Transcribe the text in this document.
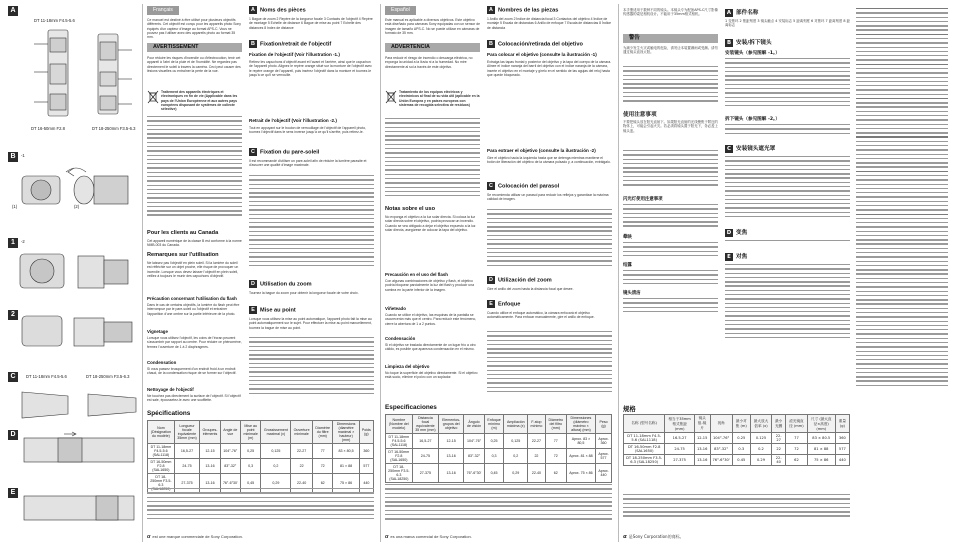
A
DT 11-18mm F4.5-5.6
DT 16-50mm F2.8	DT 18-250mm F3.5-6.3
B	-1
(1)	(2)
1	-2
2
C	DT 11-18mm F4.5-5.6	DT 18-250mm F3.5-6.3
D
E
Français
Ce manuel est destiné à être utilisé pour plusieurs objectifs différents. Cet objectif est conçu pour les appareils photo Sony équipés d'un capteur d'image au format APS-C. Vous ne pouvez pas l'utiliser avec des appareils photo au format 35 mm.
AVERTISSEMENT
Pour réduire les risques d'incendie ou d'électrocution, tenir cet appareil à l'abri de la pluie et de l'humidité. Ne regardez pas directement le soleil à travers la caméra. Ceci peut causer des lésions visuelles ou entraîner la perte de la vue.
Traitement des appareils électriques et électroniques en fin de vie (Applicable dans les pays de l'Union Européenne et aux autres pays européens disposant de systèmes de collecte sélective)
Pour les clients au Canada
Cet appareil numérique de la classe B est conforme à la norme NMB-003 du Canada.
Remarques sur l'utilisation
Ne laissez pas l'objectif en plein soleil. Si la lumière du soleil est réfléchie sur un objet proche, elle risque de provoquer un incendie. Lorsque vous devez laisser l'objectif en plein soleil, veillez à toujours le munir des capuchons d'objectif.
Précaution concernant l'utilisation du flash
Dans le cas de certains objectifs, la lumière du flash peut être interrompue par le pare-soleil ou l'objectif et entraîner l'apparition d'une ombre sur la partie inférieure de la photo.
Vignetage
Lorsque vous utilisez l'objectif, les coins de l'écran peuvent s'assombrir par rapport au centre. Pour réduire ce phénomène, fermez l'ouverture de 1 à 2 diaphragmes.
Condensation
Si vous passez brusquement d'un endroit froid à un endroit chaud, de la condensation risque de se former sur l'objectif.
Nettoyage de l'objectif
Ne touchez pas directement la surface de l'objectif. Si l'objectif est sale, époussetez-le avec une soufflette.
A Noms des pièces
1 Bague de zoom 2 Repère de la longueur focale 3 Contacts de l'objectif 4 Repère de montage 5 Echelle de distance 6 Bague de mise au point 7 Echelle des distances 8 Index de distance
B Fixation/retrait de l'objectif
Fixation de l'objectif (Voir l'illustration -1.)
Retirez les capuchons d'objectif avant et l'avant et l'arrière, ainsi que le capuchon de l'appareil photo. Alignez le repère orange situé sur la monture de l'objectif avec le repère orange de l'appareil, puis insérez l'objectif dans la monture et tournez-le jusqu'à ce qu'il se verrouille.
Retrait de l'objectif (Voir l'illustration -2.)
Tout en appuyant sur le bouton de verrouillage de l'objectif de l'appareil photo, tournez l'objectif dans le sens inverse jusqu'à ce qu'il s'arrête, puis retirez-le.
C Fixation du pare-soleil
Il est recommandé d'utiliser un pare-soleil afin de réduire la lumière parasite et d'assurer une qualité d'image maximale.
D Utilisation du zoom
Tournez la bague du zoom pour obtenir la longueur focale de votre choix.
E Mise au point
Lorsque vous utilisez la mise au point automatique, l'appareil photo fait la mise au point automatiquement sur le sujet. Pour effectuer la mise au point manuellement, tournez la bague de mise au point.
Spécifications
Nom (Désignation du modèle)	Longueur focale équivalente 35mm (mm)	Groupes-éléments	Angle de vue	Mise au point minimale (m)	Grossissement maximal (x)	Ouverture minimale	Diamètre du filtre (mm)	Dimensions (diamètre maximal × hauteur) (mm)	Poids (g)
DT 11-18mm F4.5-5.6 (SAL1118)	16,5-27	12-15	104°-76°	0,25	0,125	22-27	77	83 × 80,5	360
DT 16-50mm F2.8 (SAL1650)	24-75	13-16	83°-32°	0,3	0,2	22	72	81 × 88	577
DT 18-250mm F3.5-6.3	27-375	13-16	76°-6°30'	0,45	0,29	22-40	62	75 × 86	440
α est une marque commerciale de Sony Corporation.
Español
Este manual es aplicable a diversos objetivos. Este objetivo está diseñado para cámaras Sony equipadas con un sensor de imagen de tamaño APS-C. No se puede utilizar en cámaras de formato de 35 mm.
ADVERTENCIA
Para reducir el riesgo de incendio o descarga eléctrica, no exponga la unidad a la lluvia ni a la humedad. No mire directamente al sol a través de este objetivo.
Tratamiento de los equipos eléctricos y electrónicos al final de su vida útil (aplicable en la Unión Europea y en países europeos con sistemas de recogida selectiva de residuos)
Notas sobre el uso
No exponga el objetivo a la luz solar directa. Si coloca la luz solar directa sobre el objetivo, podría provocar un incendio. Cuando se vea obligado a dejar el objetivo expuesto a la luz solar directa, asegúrese de colocar la tapa del objetivo.
Precaución en el uso del flash
Con algunas combinaciones de objetivo y flash, el objetivo podría bloquear parcialmente la luz del flash y producir una sombra en la parte inferior de la imagen.
Viñeteado
Cuando se utilice el objetivo, las esquinas de la pantalla se oscurecerán más que el centro. Para reducir este fenómeno, cierre la abertura de 1 a 2 puntos.
Condensación
Si el objetivo se traslada directamente de un lugar frío a otro cálido, es posible que aparezca condensación en el mismo.
Limpieza del objetivo
No toque la superficie del objetivo directamente. Si el objetivo está sucio, elimine el polvo con un soplador.
A Nombres de las piezas
1 Anillo del zoom 2 Índice de distancia focal 3 Contactos del objetivo 4 Índice de montaje 5 Escala de distancias 6 Anillo de enfoque 7 Escala de distancias 8 Índice de distancia
B Colocación/retirada del objetivo
Para colocar el objetivo (consulte la ilustración -1)
Extraiga las tapas frontal y posterior del objetivo y la tapa del cuerpo de la cámara. Alinee el índice naranja del barril del objetivo con el índice naranja de la cámara, inserte el objetivo en el montaje y gírelo en el sentido de las agujas del reloj hasta que quede bloqueado.
Para extraer el objetivo (consulte la ilustración -2)
Gire el objetivo hacia la izquierda hasta que se detenga mientras mantiene el botón de liberación del objetivo de la cámara pulsado y, a continuación, extráigalo.
C Colocación del parasol
Se recomienda utilizar un parasol para reducir los reflejos y garantizar la máxima calidad de imagen.
D Utilización del zoom
Gire el anillo del zoom hasta la distancia focal que desee.
E Enfoque
Cuando utilice el enfoque automático, la cámara enfocará el objetivo automáticamente. Para enfocar manualmente, gire el anillo de enfoque.
Especificaciones
Nombre (Nombre del modelo)	Distancia focal equivalente 35 mm (mm)	Elementos-grupos del objetivo	Ángulo de visión	Enfoque mínimo (m)	Ampliación máxima (x)	F-stop mínimo	Diámetro del filtro (mm)	Dimensiones (diámetro máximo × altura) (mm)	Peso (g)
DT 11-18mm F4.5-5.6 (SAL1118)	16,5-27	12-15	104°-76°	0,25	0,125	22-27	77	Aprox. 83 × 80,5	Aprox. 360
DT 16-50mm F2.8 (SAL1650)	24-75	13-16	83°-32°	0,3	0,2	22	72	Aprox. 81 × 88	Aprox. 577
DT 18-250mm F3.5-6.3 (SAL18250)	27-375	13-16	76°-6°30'	0,45	0,29	22-40	62	Aprox. 75 × 86	Aprox. 440
α es una marca comercial de Sony Corporation.
本手册适用于数种不同的镜头。本镜头专为配备APS-C尺寸影像传感器的索尼相机设计。不能用于35mm格式相机。
警告
为减少发生火灾或触电的危险，请勿让本装置淋雨或受潮。请勿通过镜头直视太阳。
使用注意事项
不要把镜头放在阳光直射下。如果阳光直射的光线聚焦于附近的物体上，可能会引起火灾。若必须将镜头置于阳光下，务必盖上镜头盖。
闪光灯使用注意事项
晕映
结露
镜头清洁
A 部件名称
1 变焦环 2 焦距刻度 3 镜头触点 4 安装标志 5 距离刻度 6 对焦环 7 距离刻度 8 距离标志
B 安装/拆下镜头
安装镜头（参见图解 -1。）
拆下镜头（参见图解 -2。）
C 安装镜头遮光罩
D 变焦
E 对焦
规格
名称 (型号名称)	相当于35mm格式焦距 (mm)	镜头组-镜片	视角	最小对焦 (m)	最大放大倍率 (x)	最小光圈	滤光镜直径 (mm)	尺寸 (最大直径×高度) (mm)	重量 (g)
DT 11-18mm F4.5-5.6 (SAL1118)	16.5-27	12-15	104°-76°	0.25	0.125	22-27	77	83 × 80.5	360
DT 16-50mm F2.8 (SAL1650)	24-75	13-16	83°-32°	0.3	0.2	22	72	81 × 88	577
DT 18-250mm F3.5-6.3 (SAL18250)	27-375	13-16	76°-6°30'	0.45	0.29	22-40	62	75 × 86	440
α 是Sony Corporation的商标。
